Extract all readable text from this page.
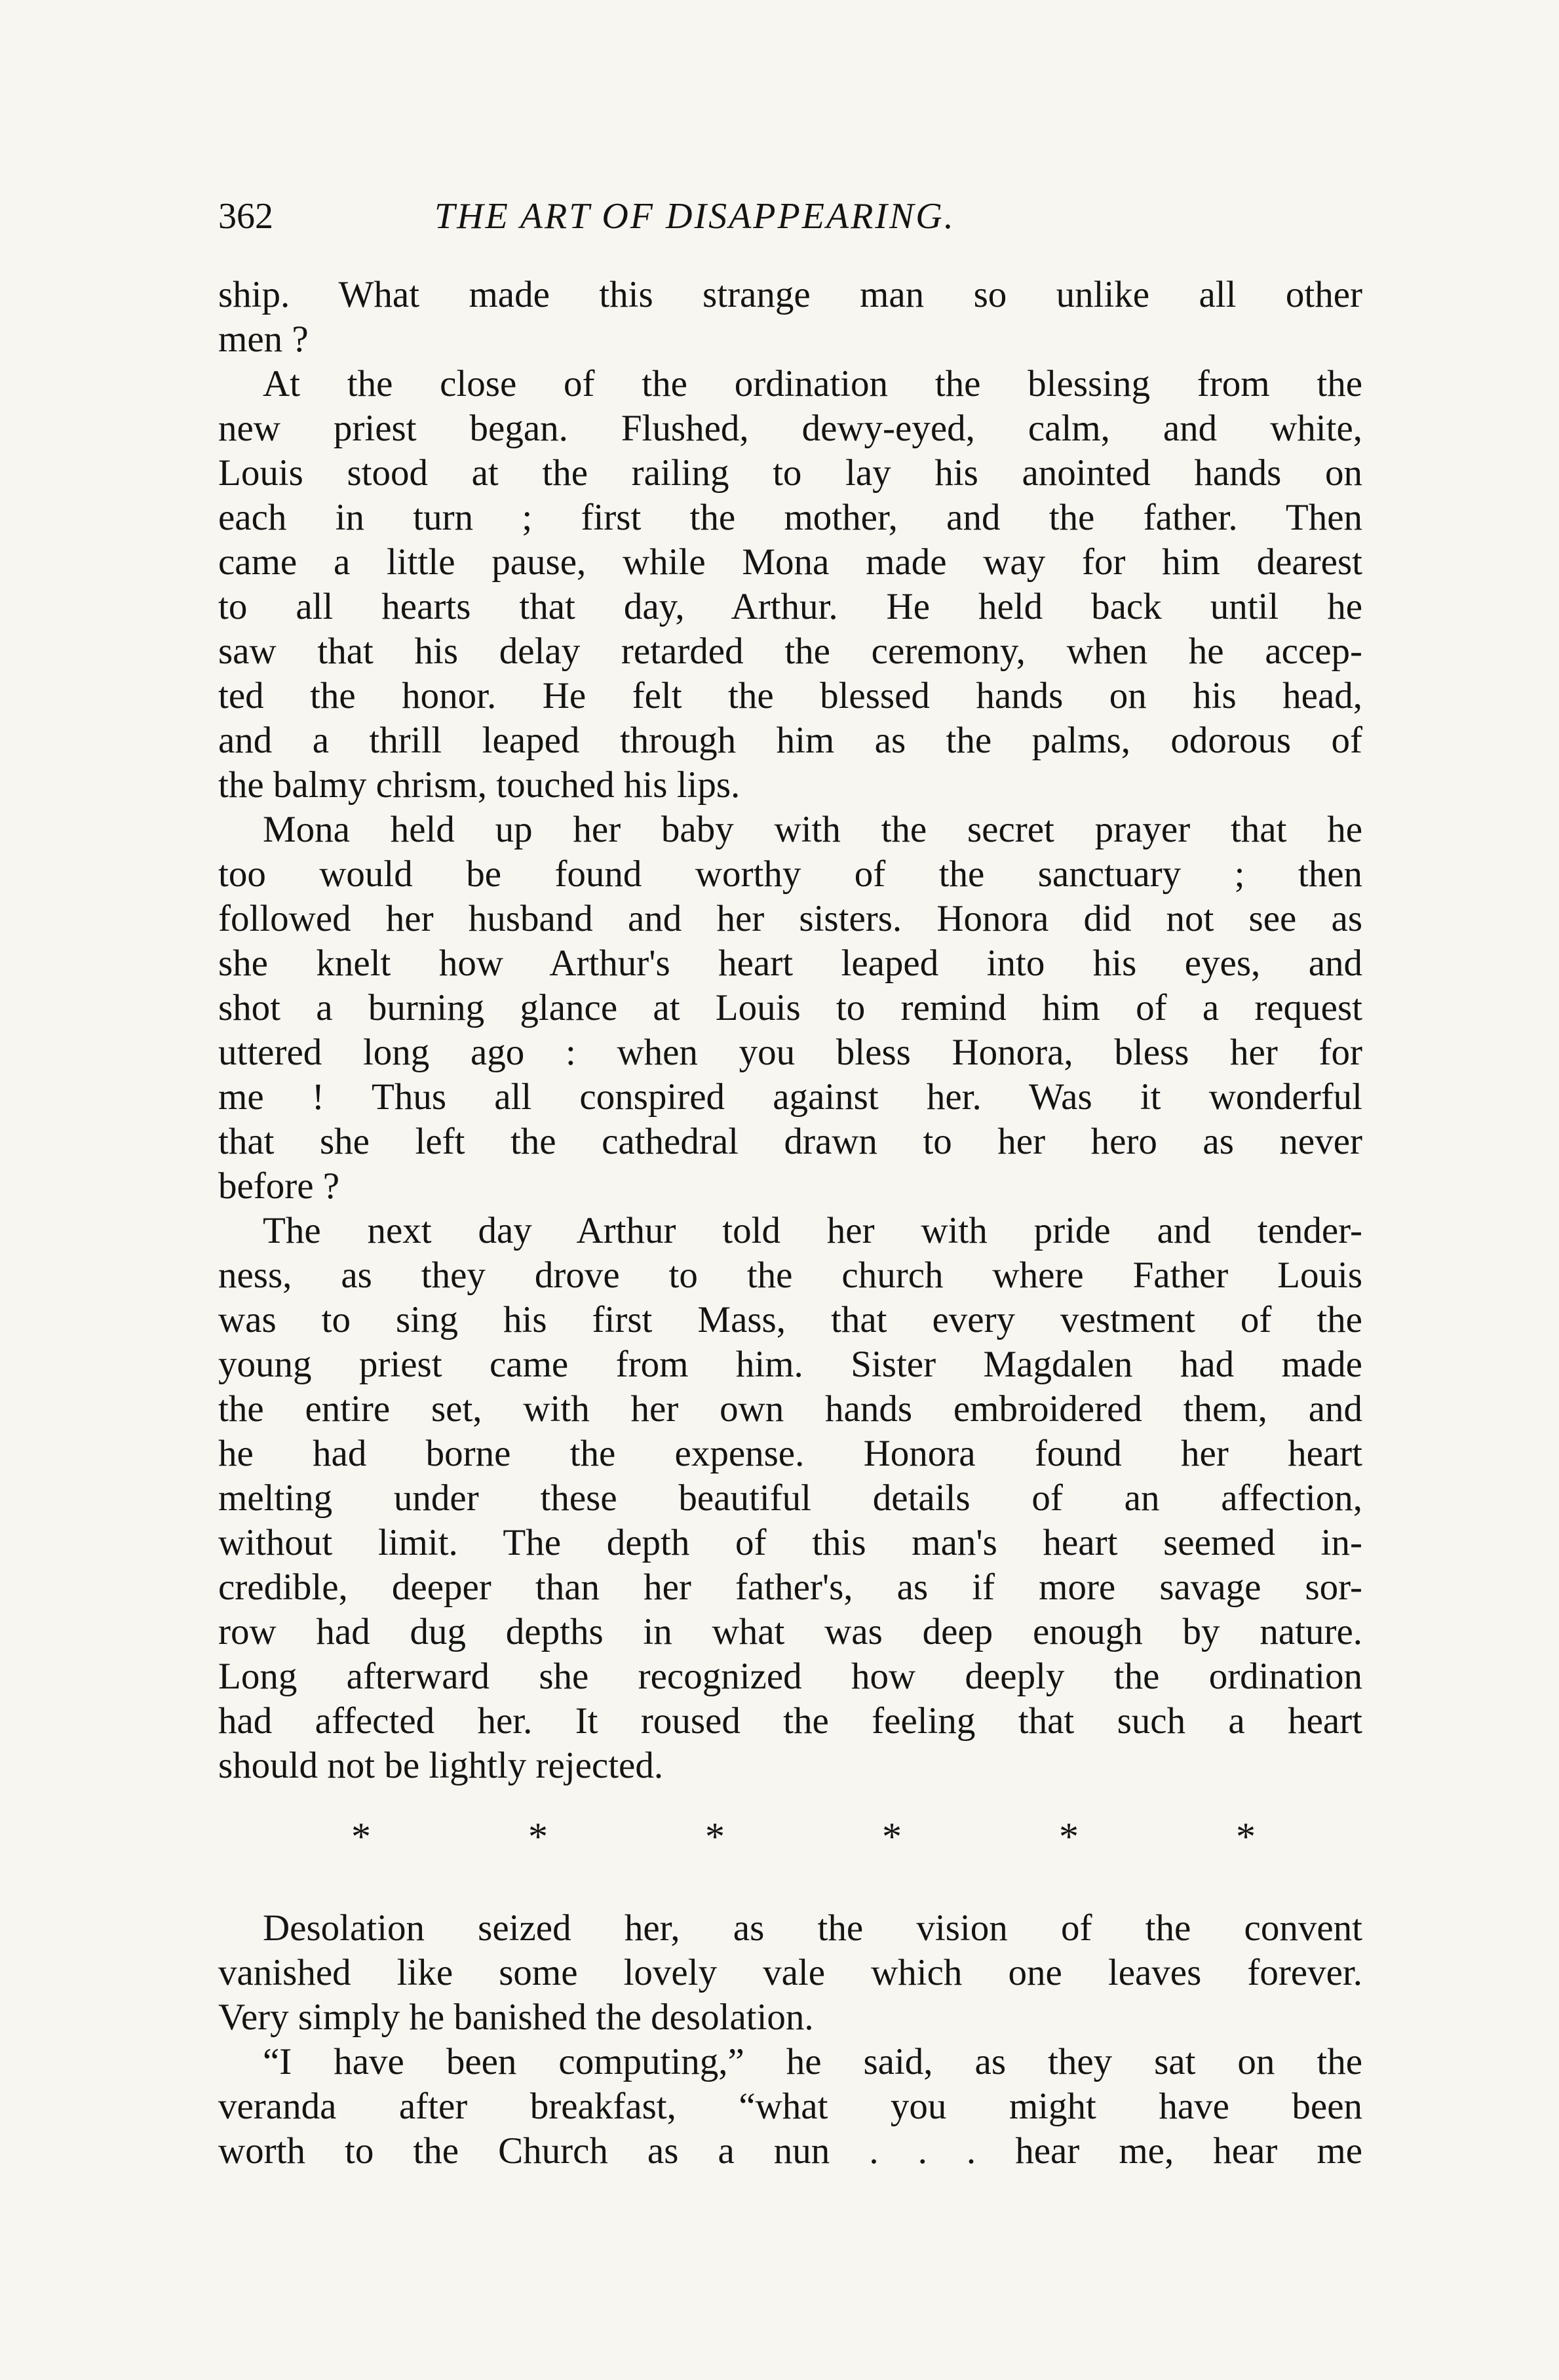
362	THE ART OF DISAPPEARING.
ship. What made this strange man so unlike all other
men ?
At the close of the ordination the blessing from the
new priest began. Flushed, dewy-eyed, calm, and white,
Louis stood at the railing to lay his anointed hands on
each in turn ; first the mother, and the father. Then
came a little pause, while Mona made way for him dearest
to all hearts that day, Arthur. He held back until he
saw that his delay retarded the ceremony, when he accep-
ted the honor. He felt the blessed hands on his head,
and a thrill leaped through him as the palms, odorous of
the balmy chrism, touched his lips.
Mona held up her baby with the secret prayer that he
too would be found worthy of the sanctuary ; then
followed her husband and her sisters. Honora did not see as
she knelt how Arthur's heart leaped into his eyes, and
shot a burning glance at Louis to remind him of a request
uttered long ago : when you bless Honora, bless her for
me ! Thus all conspired against her. Was it wonderful
that she left the cathedral drawn to her hero as never
before ?
The next day Arthur told her with pride and tender-
ness, as they drove to the church where Father Louis
was to sing his first Mass, that every vestment of the
young priest came from him. Sister Magdalen had made
the entire set, with her own hands embroidered them, and
he had borne the expense. Honora found her heart
melting under these beautiful details of an affection,
without limit. The depth of this man's heart seemed in-
credible, deeper than her father's, as if more savage sor-
row had dug depths in what was deep enough by nature.
Long afterward she recognized how deeply the ordination
had affected her. It roused the feeling that such a heart
should not be lightly rejected.
*	*	*	*	*	*
Desolation seized her, as the vision of the convent
vanished like some lovely vale which one leaves forever.
Very simply he banished the desolation.
“I have been computing,” he said, as they sat on the
veranda after breakfast, “what you might have been
worth to the Church as a nun . . . hear me, hear me
